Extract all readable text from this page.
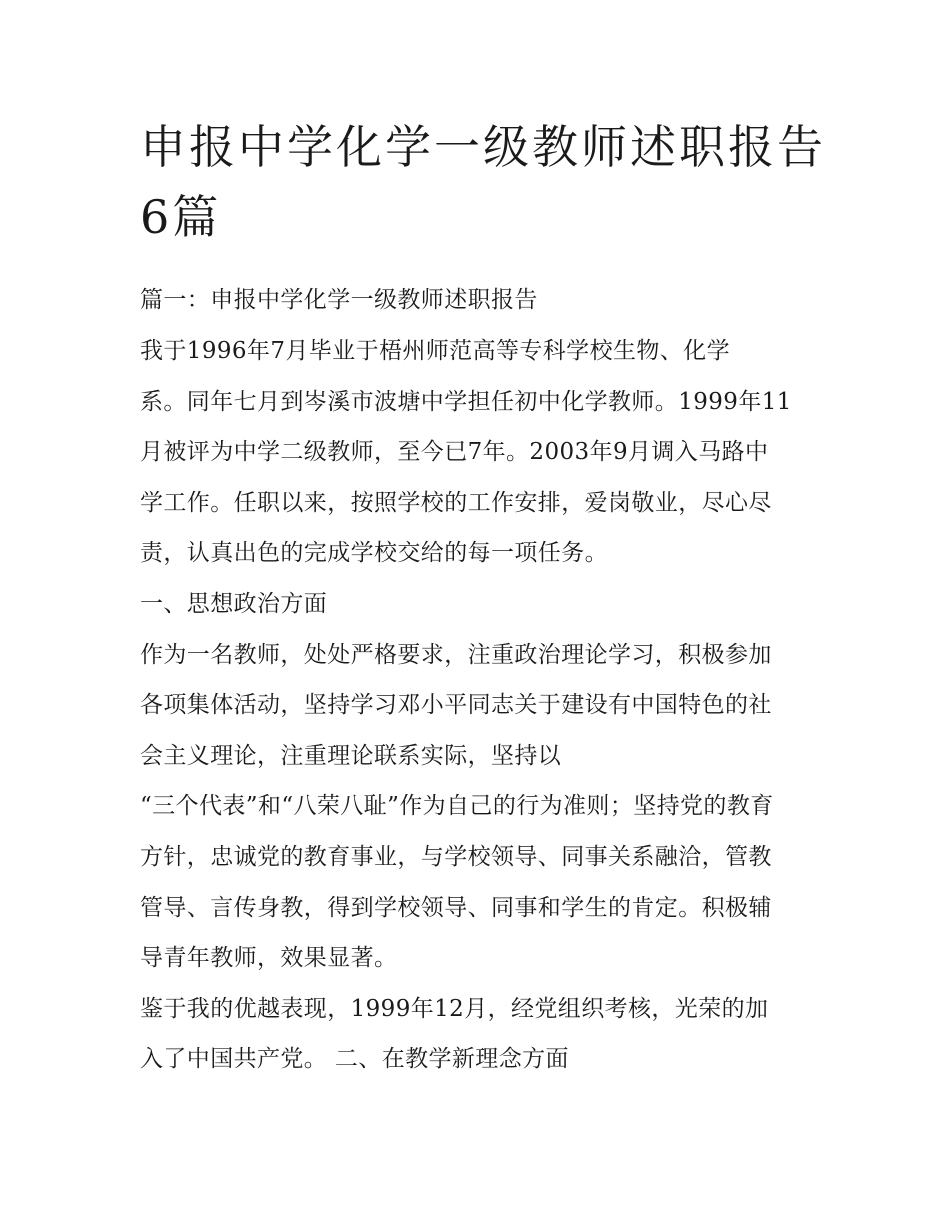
申报中学化学一级教师述职报告6篇
篇一：申报中学化学一级教师述职报告
我于1996年7月毕业于梧州师范高等专科学校生物、化学
系。同年七月到岑溪市波塘中学担任初中化学教师。1999年11
月被评为中学二级教师，至今已7年。2003年9月调入马路中
学工作。任职以来，按照学校的工作安排，爱岗敬业，尽心尽
责，认真出色的完成学校交给的每一项任务。
一、思想政治方面
作为一名教师，处处严格要求，注重政治理论学习，积极参加
各项集体活动，坚持学习邓小平同志关于建设有中国特色的社
会主义理论，注重理论联系实际，坚持以
“三个代表”和“八荣八耻”作为自己的行为准则；坚持党的教育
方针，忠诚党的教育事业，与学校领导、同事关系融洽，管教
管导、言传身教，得到学校领导、同事和学生的肯定。积极辅
导青年教师，效果显著。
鉴于我的优越表现，1999年12月，经党组织考核，光荣的加
入了中国共产党。 二、在教学新理念方面
